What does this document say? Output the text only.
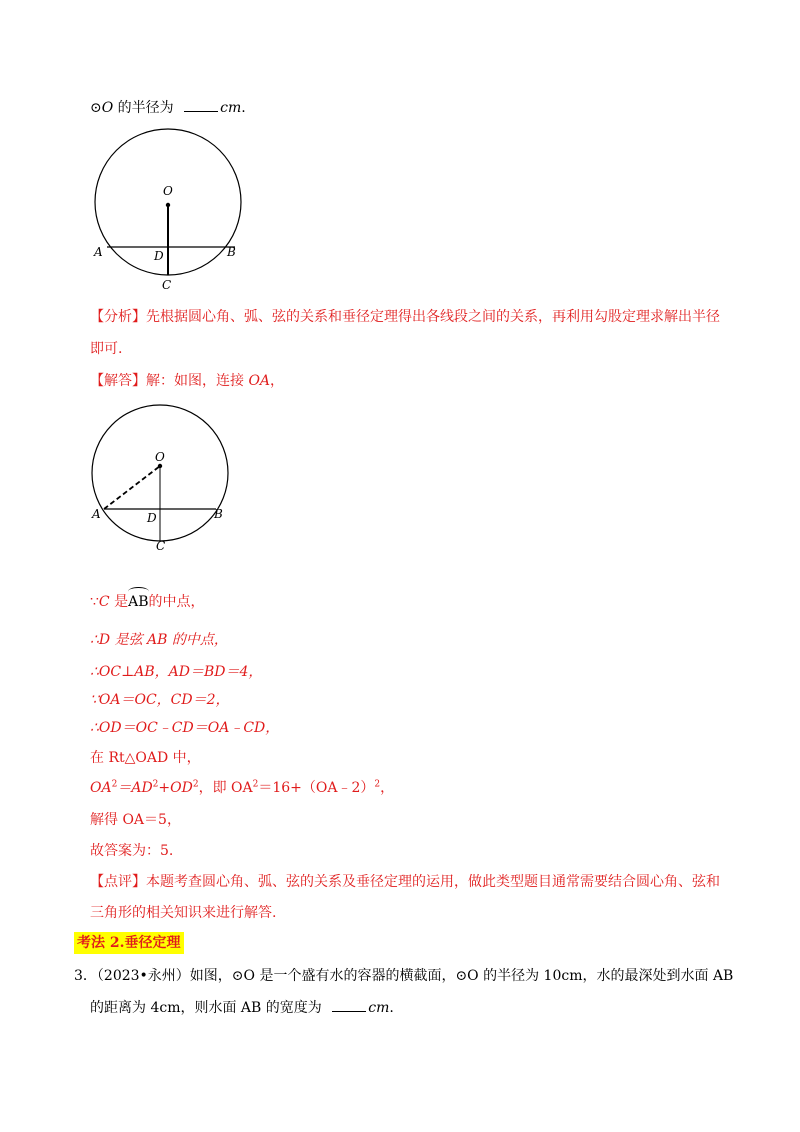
⊙O 的半径为	cm.
O
A	B
D
C
【分析】先根据圆心角、弧、弦的关系和垂径定理得出各线段之间的关系，再利用勾股定理求解出半径
即可.
【解答】解：如图，连接 OA，
O
A	B
D
C
∵C 是
AB的中点，
∴D 是弦 AB 的中点，
∴OC⊥AB，AD＝BD＝4，
∵OA＝OC，CD＝2，
∴OD＝OC﹣CD＝OA﹣CD，
在 Rt△OAD 中，
$OA^2=AD^2+OD^2$，即 $OA^2=16+(OA﹣2)^2$，
解得 OA＝5，
故答案为：5.
【点评】本题考查圆心角、弧、弦的关系及垂径定理的运用，做此类型题目通常需要结合圆心角、弦和
三角形的相关知识来进行解答.
考法 2.垂径定理
3．（2023•永州）如图，⊙O 是一个盛有水的容器的横截面，⊙O 的半径为 10cm，水的最深处到水面 AB
的距离为 4cm，则水面 AB 的宽度为	cm.
